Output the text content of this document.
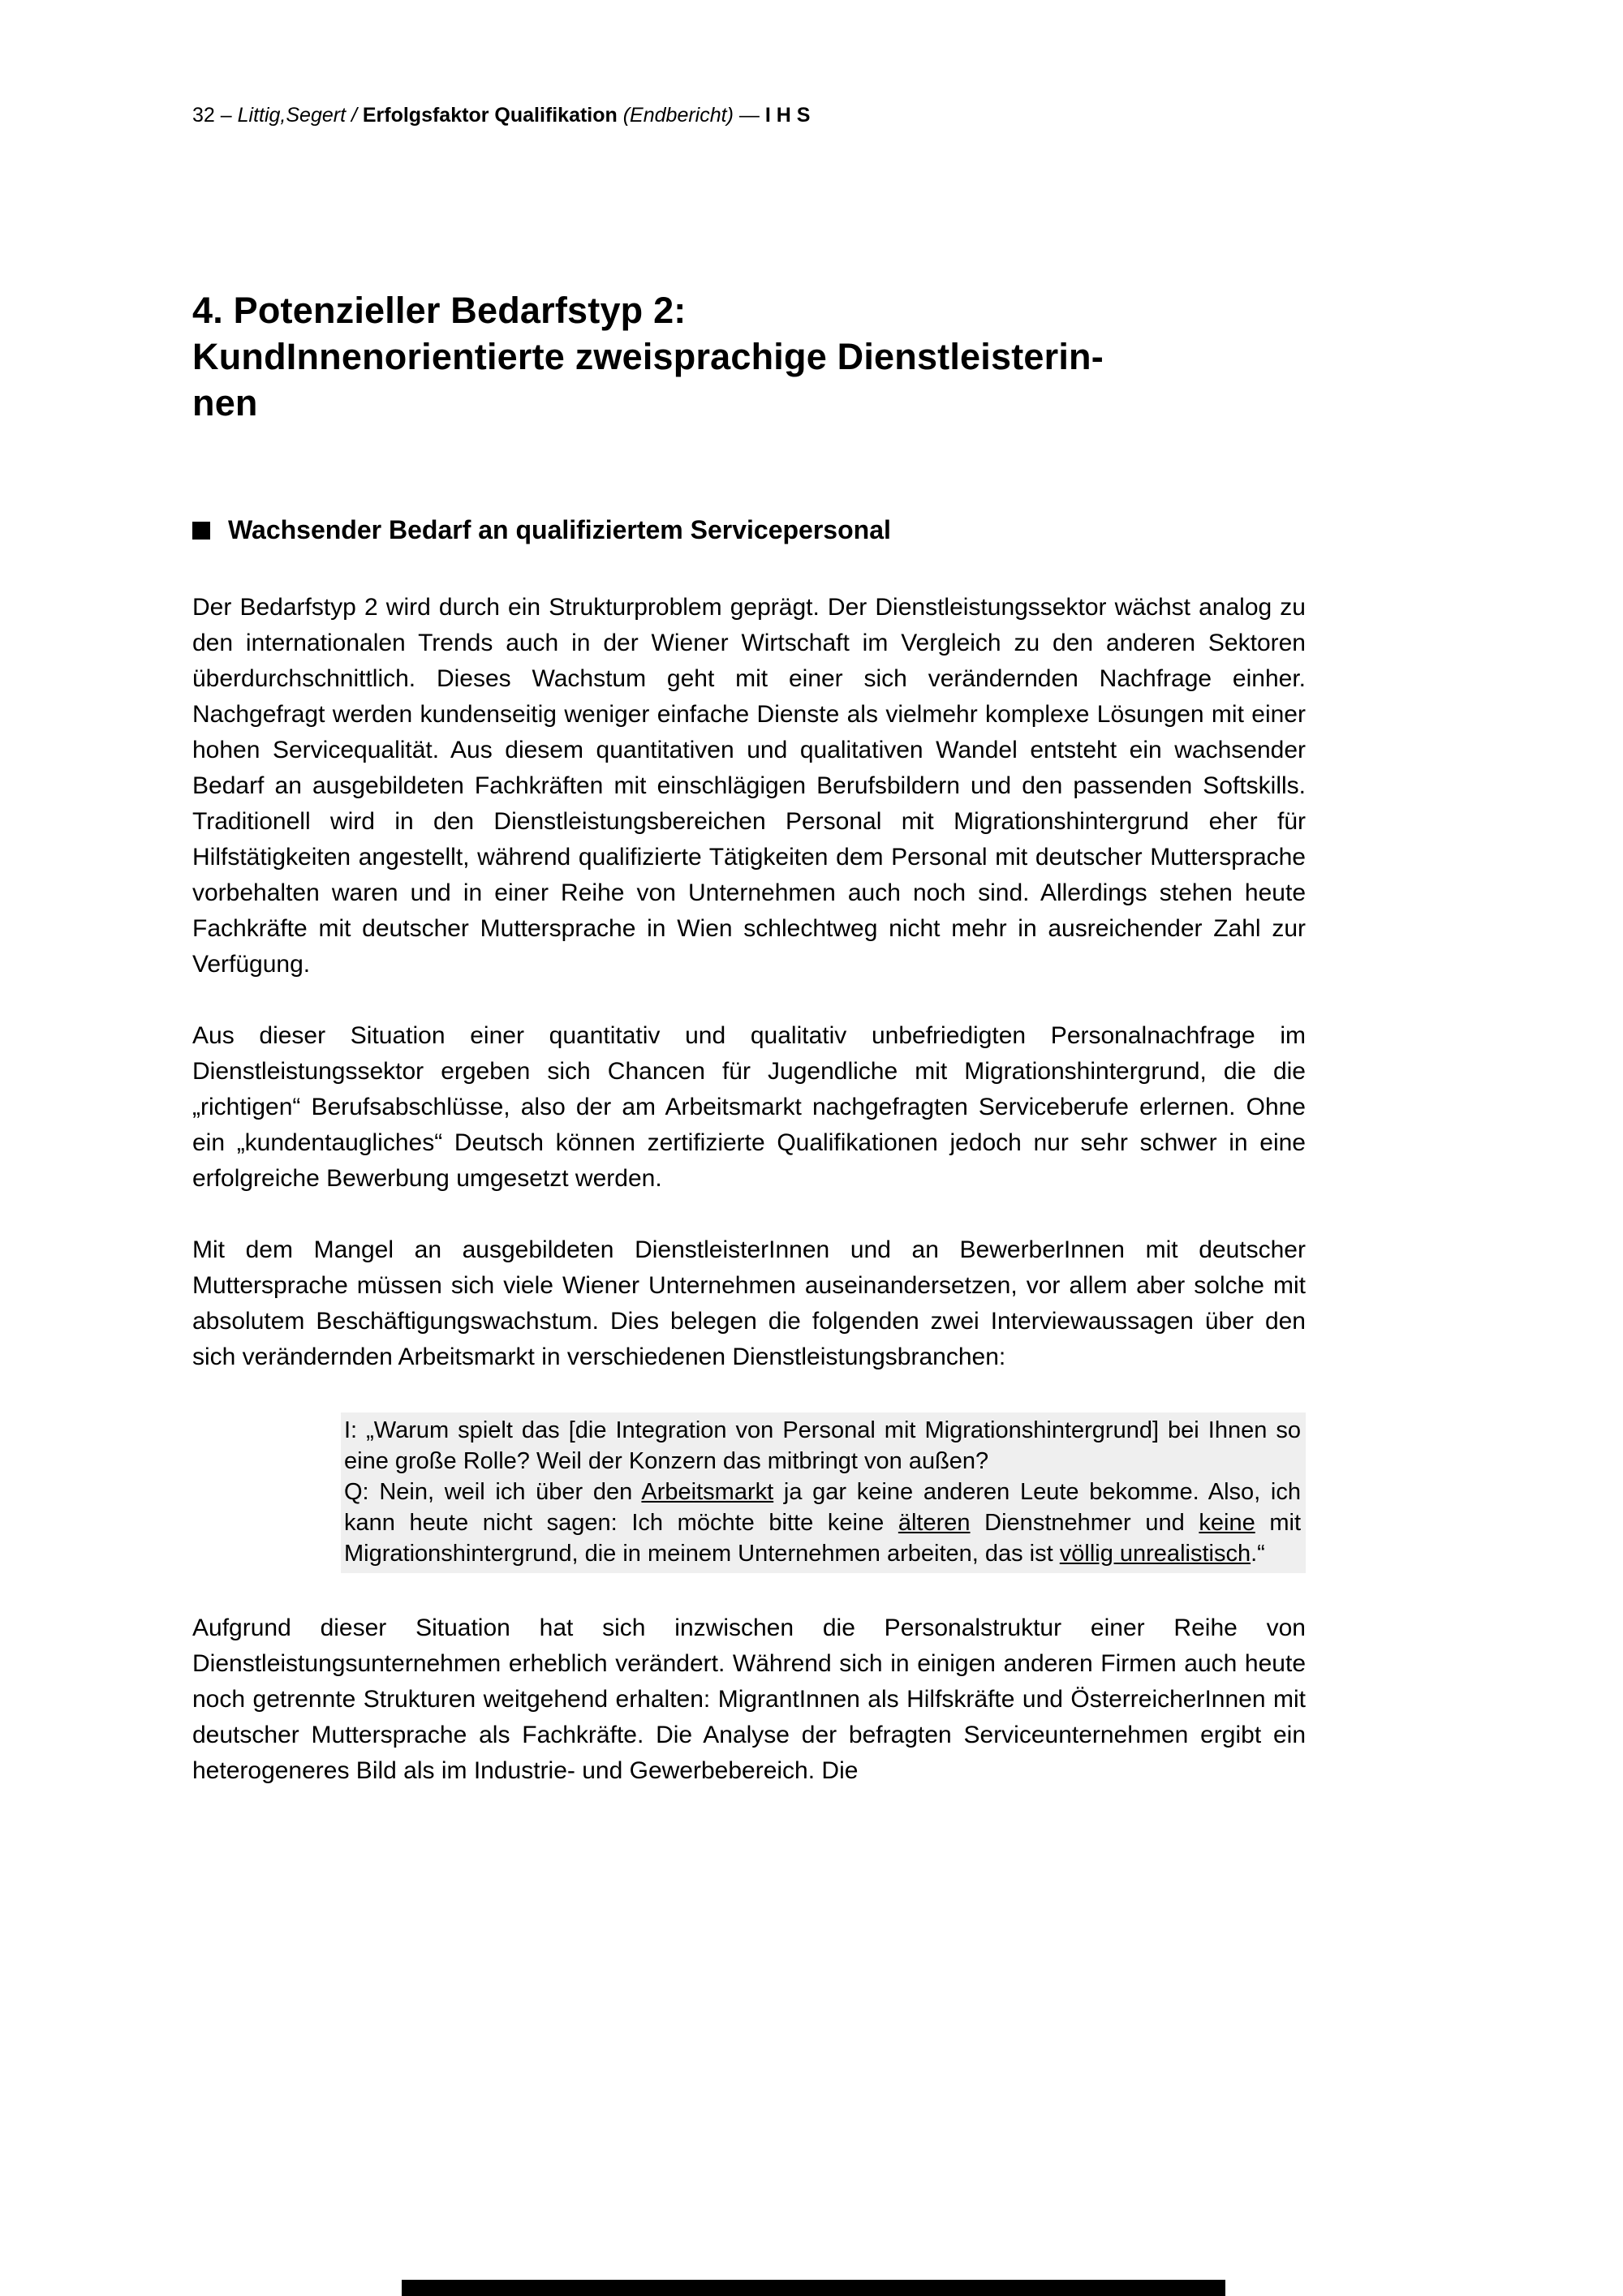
32 – Littig,Segert / Erfolgsfaktor Qualifikation (Endbericht) — I H S
4. Potenzieller Bedarfstyp 2:
KundInnenorientierte zweisprachige Dienstleisterin-
nen
Wachsender Bedarf an qualifiziertem Servicepersonal

Der Bedarfstyp 2 wird durch ein Strukturproblem geprägt. Der Dienstleistungssektor wächst analog zu den internationalen Trends auch in der Wiener Wirtschaft im Vergleich zu den anderen Sektoren überdurchschnittlich. Dieses Wachstum geht mit einer sich verändernden Nachfrage einher. Nachgefragt werden kundenseitig weniger einfache Dienste als vielmehr komplexe Lösungen mit einer hohen Servicequalität. Aus diesem quantitativen und qualitativen Wandel entsteht ein wachsender Bedarf an ausgebildeten Fachkräften mit einschlägigen Berufsbildern und den passenden Softskills. Traditionell wird in den Dienstleistungsbereichen Personal mit Migrationshintergrund eher für Hilfstätigkeiten angestellt, während qualifizierte Tätigkeiten dem Personal mit deutscher Muttersprache vorbehalten waren und in einer Reihe von Unternehmen auch noch sind. Allerdings stehen heute Fachkräfte mit deutscher Muttersprache in Wien schlechtweg nicht mehr in ausreichender Zahl zur Verfügung.

Aus dieser Situation einer quantitativ und qualitativ unbefriedigten Personalnachfrage im Dienstleistungssektor ergeben sich Chancen für Jugendliche mit Migrationshintergrund, die die „richtigen“ Berufsabschlüsse, also der am Arbeitsmarkt nachgefragten Serviceberufe erlernen. Ohne ein „kundentaugliches“ Deutsch können zertifizierte Qualifikationen jedoch nur sehr schwer in eine erfolgreiche Bewerbung umgesetzt werden.

Mit dem Mangel an ausgebildeten DienstleisterInnen und an BewerberInnen mit deutscher Muttersprache müssen sich viele Wiener Unternehmen auseinandersetzen, vor allem aber solche mit absolutem Beschäftigungswachstum. Dies belegen die folgenden zwei Interviewaussagen über den sich verändernden Arbeitsmarkt in verschiedenen Dienstleistungsbranchen:

I: „Warum spielt das [die Integration von Personal mit Migrationshintergrund] bei Ihnen so eine große Rolle? Weil der Konzern das mitbringt von außen?

Q: Nein, weil ich über den Arbeitsmarkt ja gar keine anderen Leute bekomme. Also, ich kann heute nicht sagen: Ich möchte bitte keine älteren Dienstnehmer und keine mit Migrationshintergrund, die in meinem Unternehmen arbeiten, das ist völlig unrealistisch.“

Aufgrund dieser Situation hat sich inzwischen die Personalstruktur einer Reihe von Dienstleistungsunternehmen erheblich verändert. Während sich in einigen anderen Firmen auch heute noch getrennte Strukturen weitgehend erhalten: MigrantInnen als Hilfskräfte und ÖsterreicherInnen mit deutscher Muttersprache als Fachkräfte. Die Analyse der befragten Serviceunternehmen ergibt ein heterogeneres Bild als im Industrie- und Gewerbebereich. Die
